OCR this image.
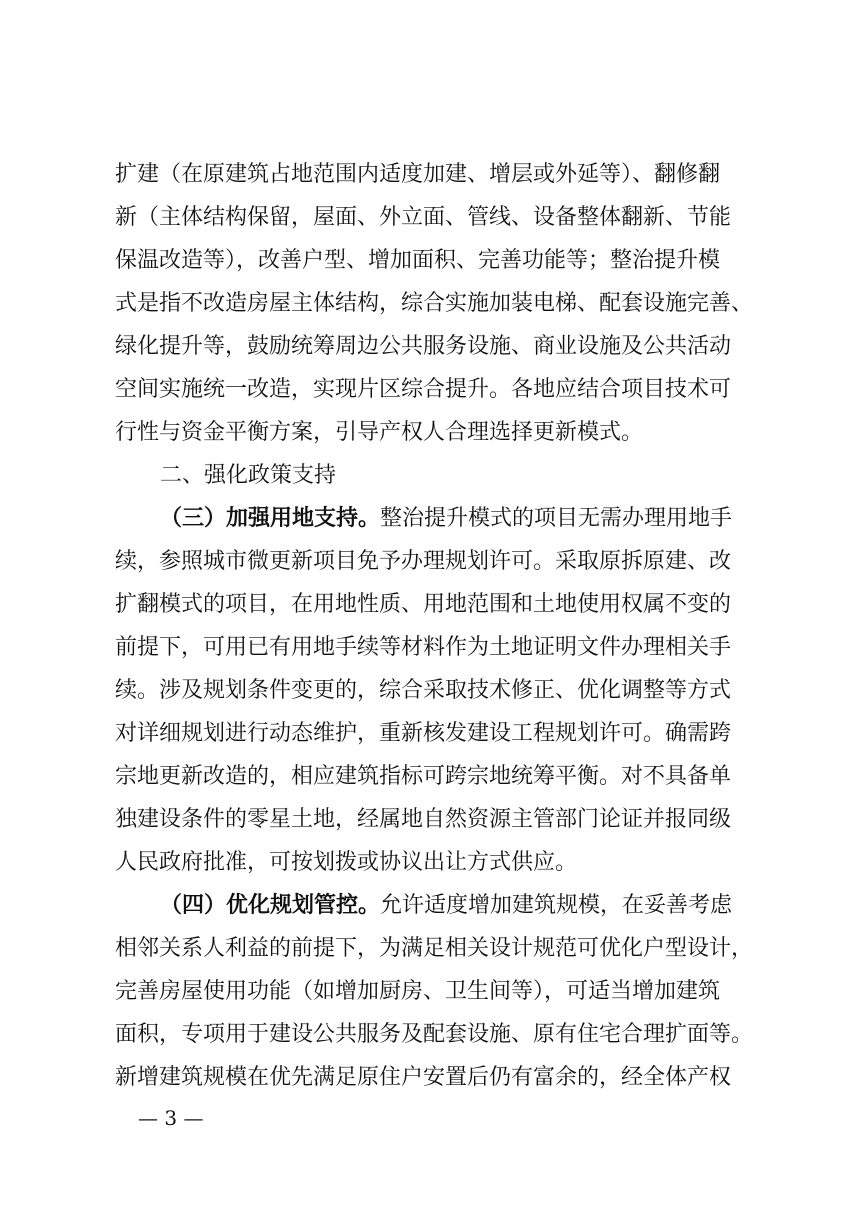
扩建（在原建筑占地范围内适度加建、增层或外延等）、翻修翻
新（主体结构保留，屋面、外立面、管线、设备整体翻新、节能
保温改造等），改善户型、增加面积、完善功能等；整治提升模
式是指不改造房屋主体结构，综合实施加装电梯、配套设施完善、
绿化提升等，鼓励统筹周边公共服务设施、商业设施及公共活动
空间实施统一改造，实现片区综合提升。各地应结合项目技术可
行性与资金平衡方案，引导产权人合理选择更新模式。
二、强化政策支持
（三）加强用地支持。整治提升模式的项目无需办理用地手
续，参照城市微更新项目免予办理规划许可。采取原拆原建、改
扩翻模式的项目，在用地性质、用地范围和土地使用权属不变的
前提下，可用已有用地手续等材料作为土地证明文件办理相关手
续。涉及规划条件变更的，综合采取技术修正、优化调整等方式
对详细规划进行动态维护，重新核发建设工程规划许可。确需跨
宗地更新改造的，相应建筑指标可跨宗地统筹平衡。对不具备单
独建设条件的零星土地，经属地自然资源主管部门论证并报同级
人民政府批准，可按划拨或协议出让方式供应。
（四）优化规划管控。允许适度增加建筑规模，在妥善考虑
相邻关系人利益的前提下，为满足相关设计规范可优化户型设计，
完善房屋使用功能（如增加厨房、卫生间等），可适当增加建筑
面积，专项用于建设公共服务及配套设施、原有住宅合理扩面等。
新增建筑规模在优先满足原住户安置后仍有富余的，经全体产权
— 3 —
